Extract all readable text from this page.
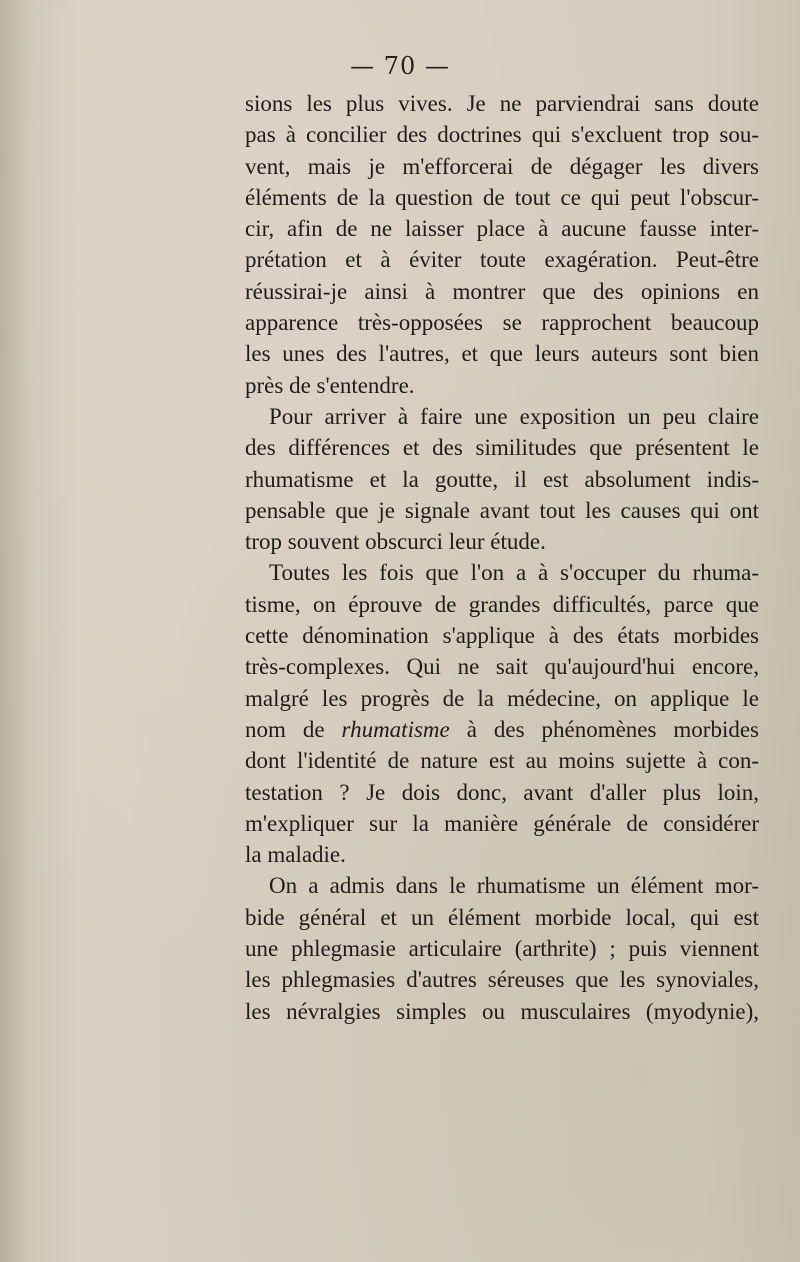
— 70 —
sions les plus vives. Je ne parviendrai sans doute
pas à concilier des doctrines qui s'excluent trop sou-
vent, mais je m'efforcerai de dégager les divers
éléments de la question de tout ce qui peut l'obscur-
cir, afin de ne laisser place à aucune fausse inter-
prétation et à éviter toute exagération. Peut-être
réussirai-je ainsi à montrer que des opinions en
apparence très-opposées se rapprochent beaucoup
les unes des l'autres, et que leurs auteurs sont bien
près de s'entendre.
Pour arriver à faire une exposition un peu claire
des différences et des similitudes que présentent le
rhumatisme et la goutte, il est absolument indis-
pensable que je signale avant tout les causes qui ont
trop souvent obscurci leur étude.
Toutes les fois que l'on a à s'occuper du rhuma-
tisme, on éprouve de grandes difficultés, parce que
cette dénomination s'applique à des états morbides
très-complexes. Qui ne sait qu'aujourd'hui encore,
malgré les progrès de la médecine, on applique le
nom de rhumatisme à des phénomènes morbides
dont l'identité de nature est au moins sujette à con-
testation ? Je dois donc, avant d'aller plus loin,
m'expliquer sur la manière générale de considérer
la maladie.
On a admis dans le rhumatisme un élément mor-
bide général et un élément morbide local, qui est
une phlegmasie articulaire (arthrite) ; puis viennent
les phlegmasies d'autres séreuses que les synoviales,
les névralgies simples ou musculaires (myodynie),
